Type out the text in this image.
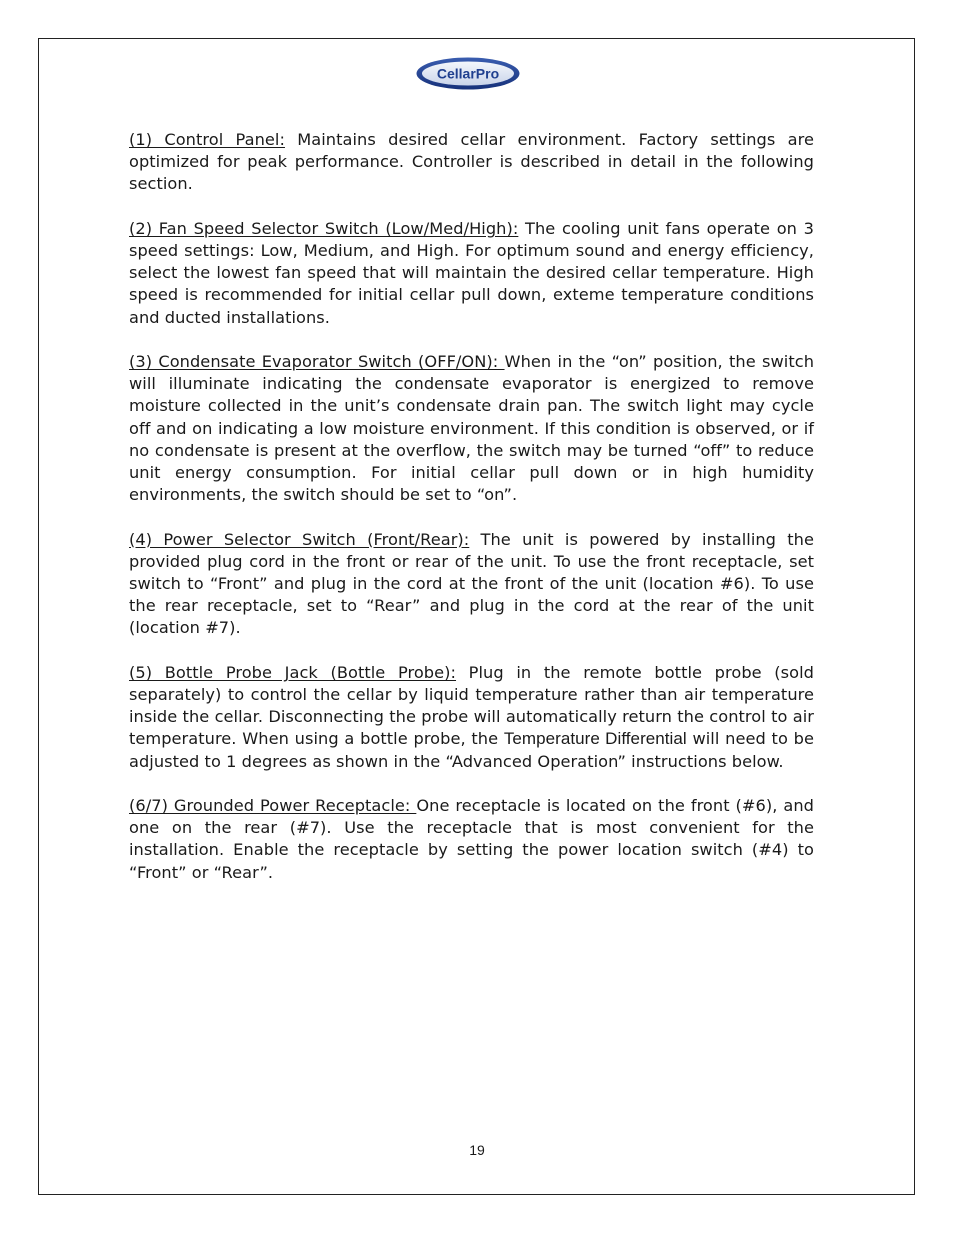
CellarPro

(1) Control Panel: Maintains desired cellar environment. Factory settings are optimized for peak performance. Controller is described in detail in the following section.

(2) Fan Speed Selector Switch (Low/Med/High): The cooling unit fans operate on 3 speed settings: Low, Medium, and High. For optimum sound and energy efficiency, select the lowest fan speed that will maintain the desired cellar temperature. High speed is recommended for initial cellar pull down, exteme temperature conditions and ducted installations.

(3) Condensate Evaporator Switch (OFF/ON): When in the “on” position, the switch will illuminate indicating the condensate evaporator is energized to remove moisture collected in the unit’s condensate drain pan. The switch light may cycle off and on indicating a low moisture environment. If this condition is observed, or if no condensate is present at the overflow, the switch may be turned “off” to reduce unit energy consumption. For initial cellar pull down or in high humidity environments, the switch should be set to “on”.

(4) Power Selector Switch (Front/Rear): The unit is powered by installing the provided plug cord in the front or rear of the unit. To use the front receptacle, set switch to “Front” and plug in the cord at the front of the unit (location #6). To use the rear receptacle, set to “Rear” and plug in the cord at the rear of the unit (location #7).

(5) Bottle Probe Jack (Bottle Probe): Plug in the remote bottle probe (sold separately) to control the cellar by liquid temperature rather than air temperature inside the cellar. Disconnecting the probe will automatically return the control to air temperature. When using a bottle probe, the Temperature Differential will need to be adjusted to 1 degrees as shown in the “Advanced Operation” instructions below.

(6/7) Grounded Power Receptacle: One receptacle is located on the front (#6), and one on the rear (#7). Use the receptacle that is most convenient for the installation. Enable the receptacle by setting the power location switch (#4) to “Front” or “Rear”.

19
